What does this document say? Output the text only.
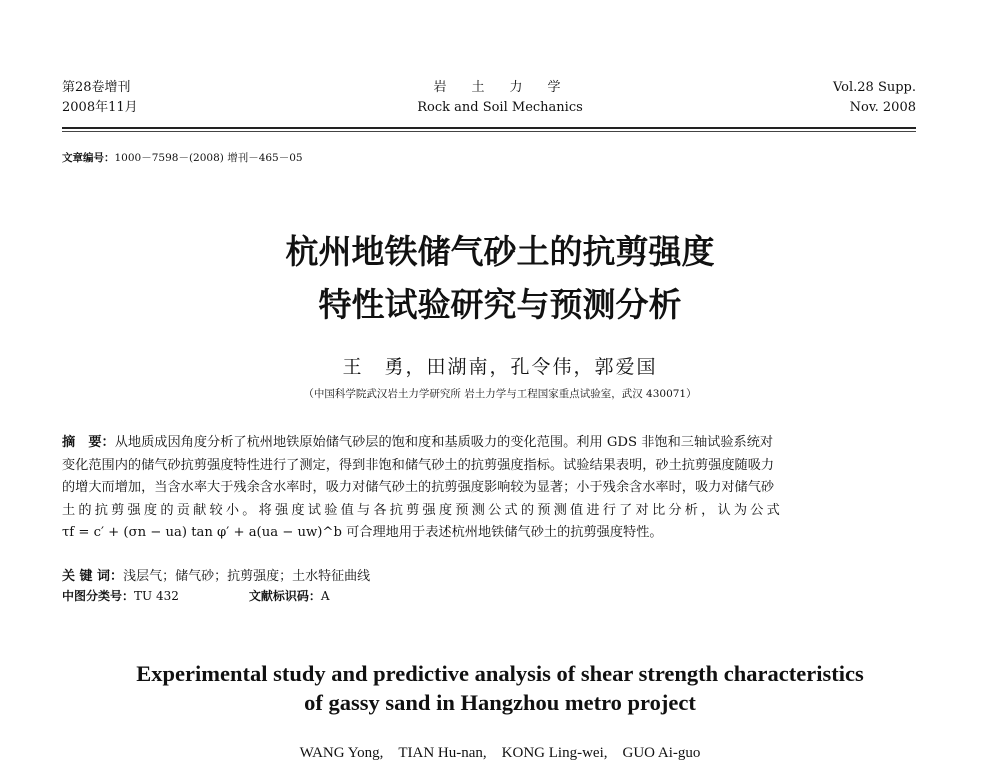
第28卷增刊
2008年11月
岩　土　力　学
Rock and Soil Mechanics
Vol.28 Supp.
Nov. 2008
文章编号：1000－7598－(2008) 增刊－465－05
杭州地铁储气砂土的抗剪强度
特性试验研究与预测分析
王　勇，田湖南，孔令伟，郭爱国
（中国科学院武汉岩土力学研究所 岩土力学与工程国家重点试验室，武汉 430071）
摘　要：从地质成因角度分析了杭州地铁原始储气砂层的饱和度和基质吸力的变化范围。利用 GDS 非饱和三轴试验系统对
变化范围内的储气砂抗剪强度特性进行了测定，得到非饱和储气砂土的抗剪强度指标。试验结果表明，砂土抗剪强度随吸力
的增大而增加，当含水率大于残余含水率时，吸力对储气砂土的抗剪强度影响较为显著；小于残余含水率时，吸力对储气砂
土的抗剪强度的贡献较小。将强度试验值与各抗剪强度预测公式的预测值进行了对比分析，认为公式
τf = c′ + (σn − ua) tan φ′ + a(ua − uw)^b 可合理地用于表述杭州地铁储气砂土的抗剪强度特性。
关 键 词：浅层气；储气砂；抗剪强度；土水特征曲线
中图分类号：TU 432	文献标识码：A
Experimental study and predictive analysis of shear strength characteristics
of gassy sand in Hangzhou metro project
WANG Yong,　TIAN Hu-nan,　KONG Ling-wei,　GUO Ai-guo
